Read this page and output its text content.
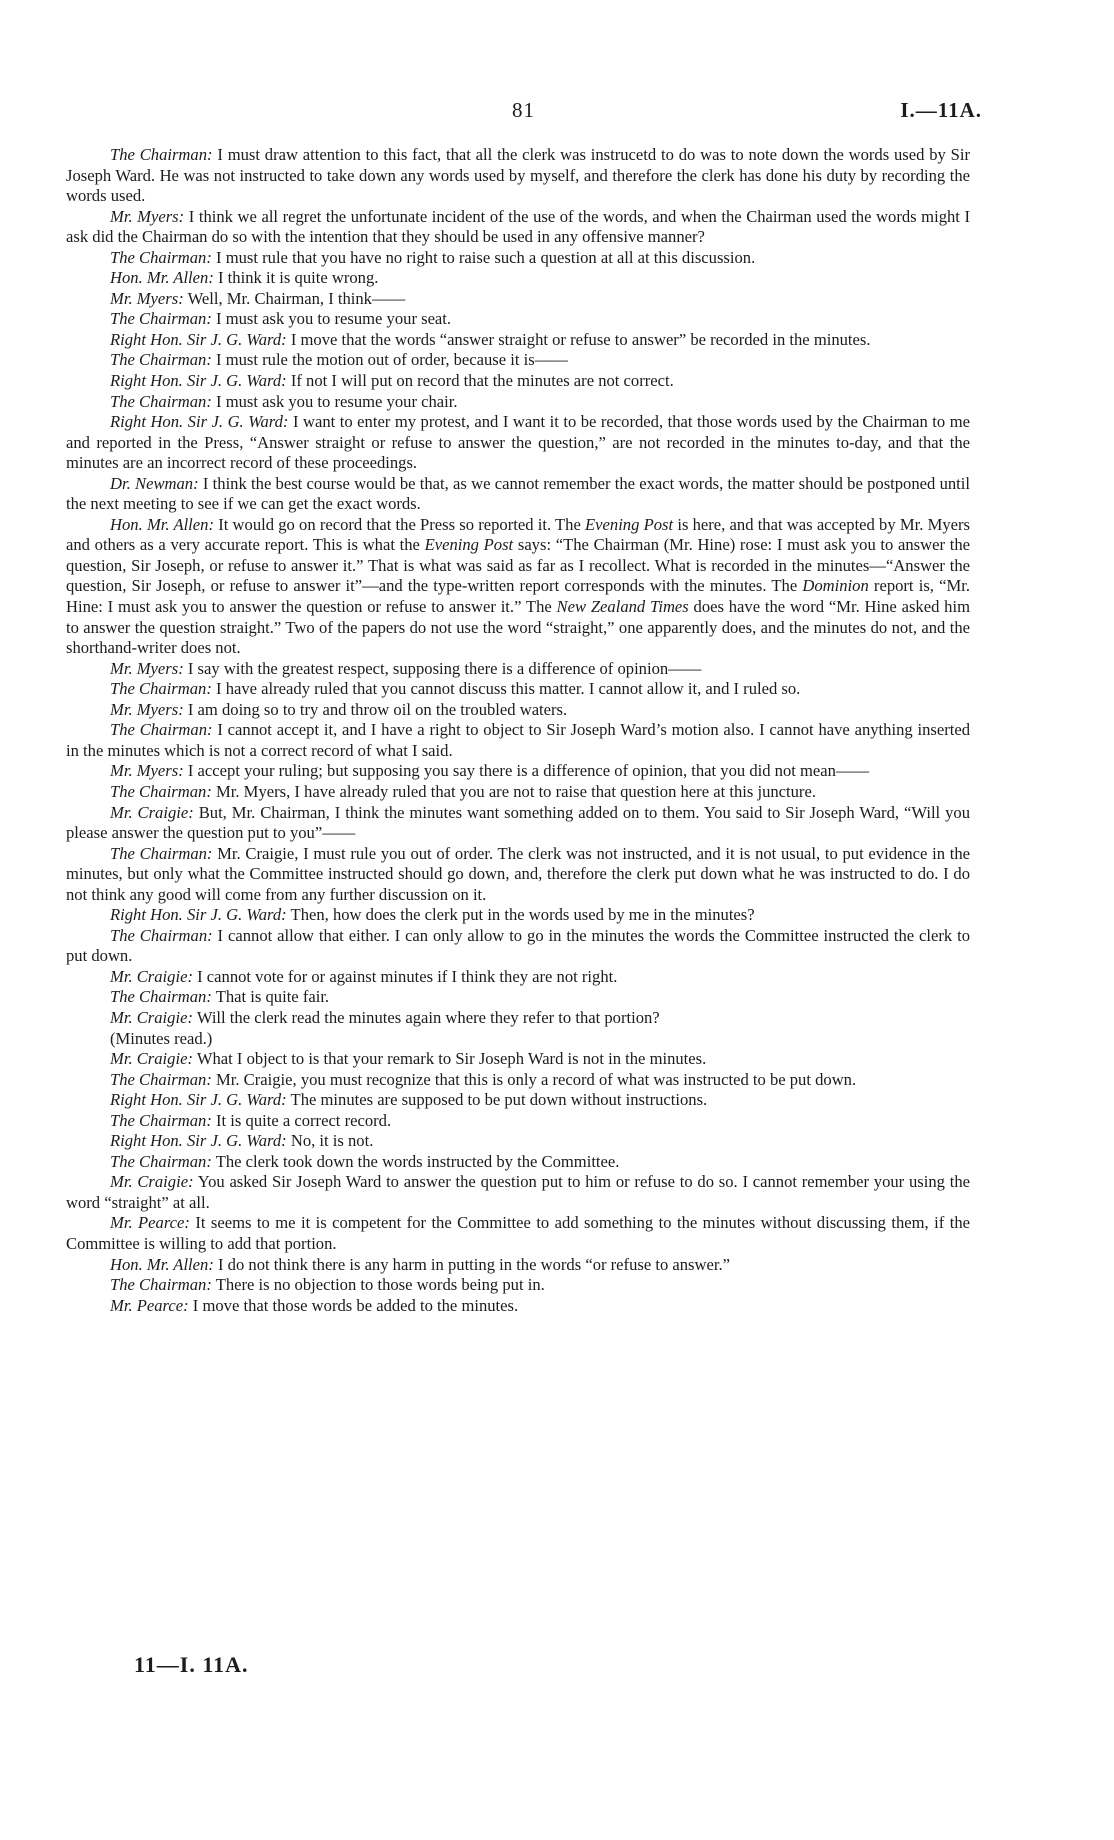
81	I.—11A.

The Chairman: I must draw attention to this fact, that all the clerk was instrucetd to do was to note down the words used by Sir Joseph Ward. He was not instructed to take down any words used by myself, and therefore the clerk has done his duty by recording the words used.

Mr. Myers: I think we all regret the unfortunate incident of the use of the words, and when the Chairman used the words might I ask did the Chairman do so with the intention that they should be used in any offensive manner?

The Chairman: I must rule that you have no right to raise such a question at all at this discussion.

Hon. Mr. Allen: I think it is quite wrong.

Mr. Myers: Well, Mr. Chairman, I think——

The Chairman: I must ask you to resume your seat.

Right Hon. Sir J. G. Ward: I move that the words “answer straight or refuse to answer” be recorded in the minutes.

The Chairman: I must rule the motion out of order, because it is——

Right Hon. Sir J. G. Ward: If not I will put on record that the minutes are not correct.

The Chairman: I must ask you to resume your chair.

Right Hon. Sir J. G. Ward: I want to enter my protest, and I want it to be recorded, that those words used by the Chairman to me and reported in the Press, “Answer straight or refuse to answer the question,” are not recorded in the minutes to-day, and that the minutes are an incorrect record of these proceedings.

Dr. Newman: I think the best course would be that, as we cannot remember the exact words, the matter should be postponed until the next meeting to see if we can get the exact words.

Hon. Mr. Allen: It would go on record that the Press so reported it. The Evening Post is here, and that was accepted by Mr. Myers and others as a very accurate report. This is what the Evening Post says: “The Chairman (Mr. Hine) rose: I must ask you to answer the question, Sir Joseph, or refuse to answer it.” That is what was said as far as I recollect. What is recorded in the minutes—“Answer the question, Sir Joseph, or refuse to answer it”—and the type-written report corresponds with the minutes. The Dominion report is, “Mr. Hine: I must ask you to answer the question or refuse to answer it.” The New Zealand Times does have the word “Mr. Hine asked him to answer the question straight.” Two of the papers do not use the word “straight,” one apparently does, and the minutes do not, and the shorthand-writer does not.

Mr. Myers: I say with the greatest respect, supposing there is a difference of opinion——

The Chairman: I have already ruled that you cannot discuss this matter. I cannot allow it, and I ruled so.

Mr. Myers: I am doing so to try and throw oil on the troubled waters.

The Chairman: I cannot accept it, and I have a right to object to Sir Joseph Ward’s motion also. I cannot have anything inserted in the minutes which is not a correct record of what I said.

Mr. Myers: I accept your ruling; but supposing you say there is a difference of opinion, that you did not mean——

The Chairman: Mr. Myers, I have already ruled that you are not to raise that question here at this juncture.

Mr. Craigie: But, Mr. Chairman, I think the minutes want something added on to them. You said to Sir Joseph Ward, “Will you please answer the question put to you”——

The Chairman: Mr. Craigie, I must rule you out of order. The clerk was not instructed, and it is not usual, to put evidence in the minutes, but only what the Committee instructed should go down, and, therefore the clerk put down what he was instructed to do. I do not think any good will come from any further discussion on it.

Right Hon. Sir J. G. Ward: Then, how does the clerk put in the words used by me in the minutes?

The Chairman: I cannot allow that either. I can only allow to go in the minutes the words the Committee instructed the clerk to put down.

Mr. Craigie: I cannot vote for or against minutes if I think they are not right.

The Chairman: That is quite fair.

Mr. Craigie: Will the clerk read the minutes again where they refer to that portion?

(Minutes read.)

Mr. Craigie: What I object to is that your remark to Sir Joseph Ward is not in the minutes.

The Chairman: Mr. Craigie, you must recognize that this is only a record of what was instructed to be put down.

Right Hon. Sir J. G. Ward: The minutes are supposed to be put down without instructions.

The Chairman: It is quite a correct record.

Right Hon. Sir J. G. Ward: No, it is not.

The Chairman: The clerk took down the words instructed by the Committee.

Mr. Craigie: You asked Sir Joseph Ward to answer the question put to him or refuse to do so. I cannot remember your using the word “straight” at all.

Mr. Pearce: It seems to me it is competent for the Committee to add something to the minutes without discussing them, if the Committee is willing to add that portion.

Hon. Mr. Allen: I do not think there is any harm in putting in the words “or refuse to answer.”

The Chairman: There is no objection to those words being put in.

Mr. Pearce: I move that those words be added to the minutes.

11—I. 11A.
